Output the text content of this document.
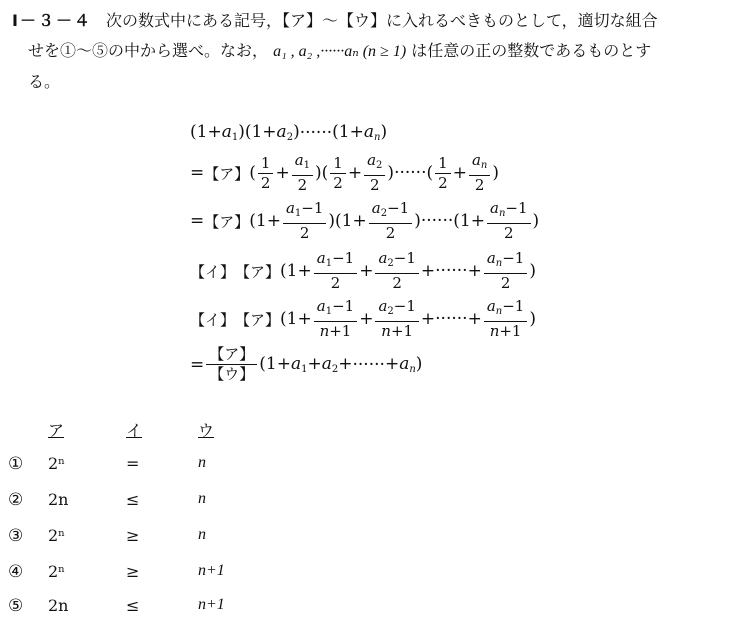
Ⅰ－３－４ 次の数式中にある記号，【ア】～【ウ】に入れるべきものとして，適切な組合
せを①～⑤の中から選べ。なお， a₁ , a₂ ,······aₙ (n ≥ 1) は任意の正の整数であるものとす
る。
$(1+a_1)(1+a_2)$ ······ $(1+a_n)$
= 【ア】 ( $\frac{1}{2} + \frac{a_1}{2}$ )( $\frac{1}{2} + \frac{a_2}{2}$ ) ······ ( $\frac{1}{2} + \frac{a_n}{2}$ )
= 【ア】 $(1+ \frac{a_1-1}{2} )(1+ \frac{a_2-1}{2}$ ) ······ ($1+ \frac{a_n-1}{2}$ )
【イ】 【ア】 ($1+ \frac{a_1-1}{2} + \frac{a_2-1}{2}$ + ······ + $\frac{a_n-1}{2}$ )
【イ】 【ア】 ($1+ \frac{a_1-1}{n+1} + \frac{a_2-1}{n+1}$ + ······ + $\frac{a_n-1}{n+1}$ )
= $\frac{\text{【ア】}}{\text{【ウ】}} (1+a_1+a_2+$ ······ $+a_n$)
ア	イ	ウ
① 2ⁿ	=	n
② 2n	≤	n
③ 2ⁿ	≥	n
④ 2ⁿ	≥	n+1
⑤ 2n	≤	n+1
